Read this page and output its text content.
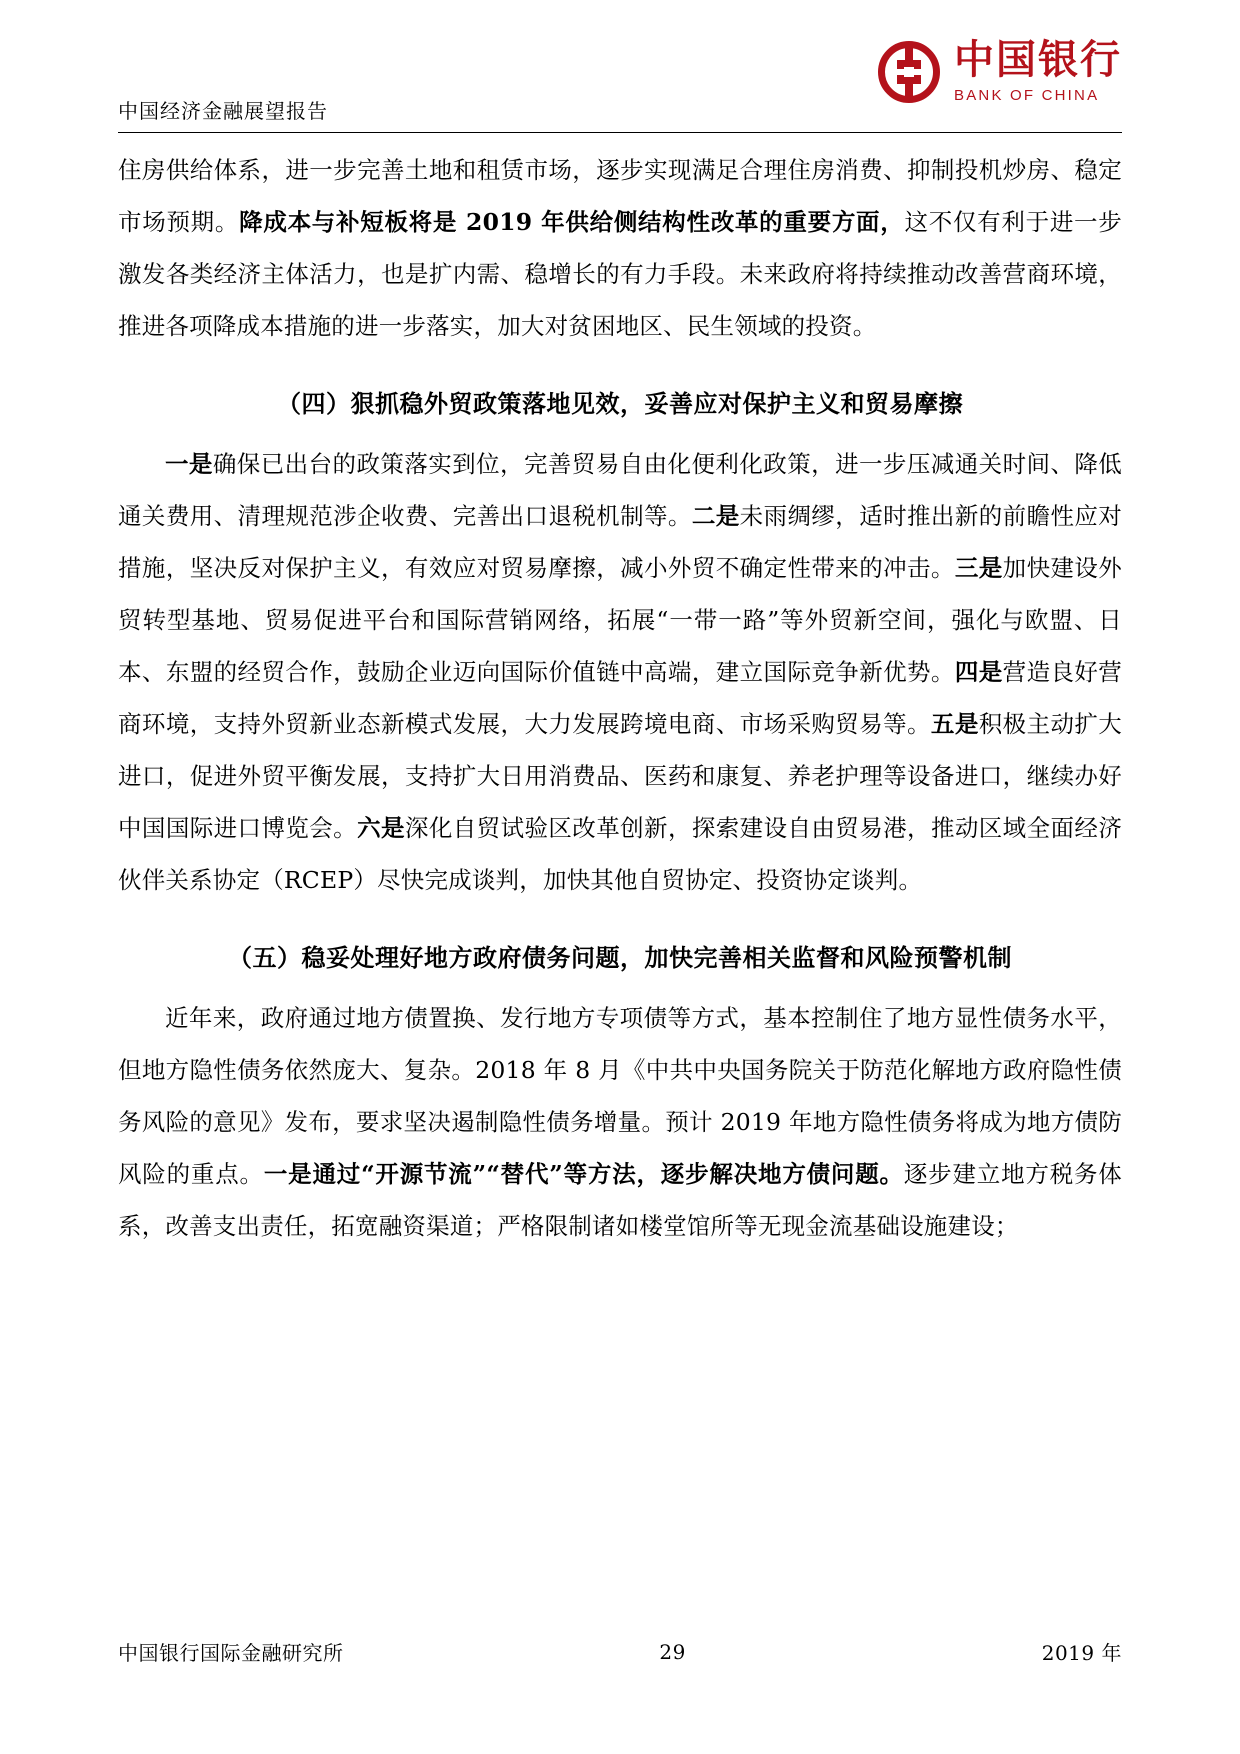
中国经济金融展望报告
中国银行
BANK OF CHINA

住房供给体系，进一步完善土地和租赁市场，逐步实现满足合理住房消费、抑制投机炒房、稳定市场预期。降成本与补短板将是 2019 年供给侧结构性改革的重要方面，这不仅有利于进一步激发各类经济主体活力，也是扩内需、稳增长的有力手段。未来政府将持续推动改善营商环境，推进各项降成本措施的进一步落实，加大对贫困地区、民生领域的投资。

（四）狠抓稳外贸政策落地见效，妥善应对保护主义和贸易摩擦

一是确保已出台的政策落实到位，完善贸易自由化便利化政策，进一步压减通关时间、降低通关费用、清理规范涉企收费、完善出口退税机制等。二是未雨绸缪，适时推出新的前瞻性应对措施，坚决反对保护主义，有效应对贸易摩擦，减小外贸不确定性带来的冲击。三是加快建设外贸转型基地、贸易促进平台和国际营销网络，拓展“一带一路”等外贸新空间，强化与欧盟、日本、东盟的经贸合作，鼓励企业迈向国际价值链中高端，建立国际竞争新优势。四是营造良好营商环境，支持外贸新业态新模式发展，大力发展跨境电商、市场采购贸易等。五是积极主动扩大进口，促进外贸平衡发展，支持扩大日用消费品、医药和康复、养老护理等设备进口，继续办好中国国际进口博览会。六是深化自贸试验区改革创新，探索建设自由贸易港，推动区域全面经济伙伴关系协定（RCEP）尽快完成谈判，加快其他自贸协定、投资协定谈判。

（五）稳妥处理好地方政府债务问题，加快完善相关监督和风险预警机制

近年来，政府通过地方债置换、发行地方专项债等方式，基本控制住了地方显性债务水平，但地方隐性债务依然庞大、复杂。2018 年 8 月《中共中央国务院关于防范化解地方政府隐性债务风险的意见》发布，要求坚决遏制隐性债务增量。预计 2019 年地方隐性债务将成为地方债防风险的重点。一是通过“开源节流”“替代”等方法，逐步解决地方债问题。逐步建立地方税务体系，改善支出责任，拓宽融资渠道；严格限制诸如楼堂馆所等无现金流基础设施建设；

中国银行国际金融研究所	29	2019 年
